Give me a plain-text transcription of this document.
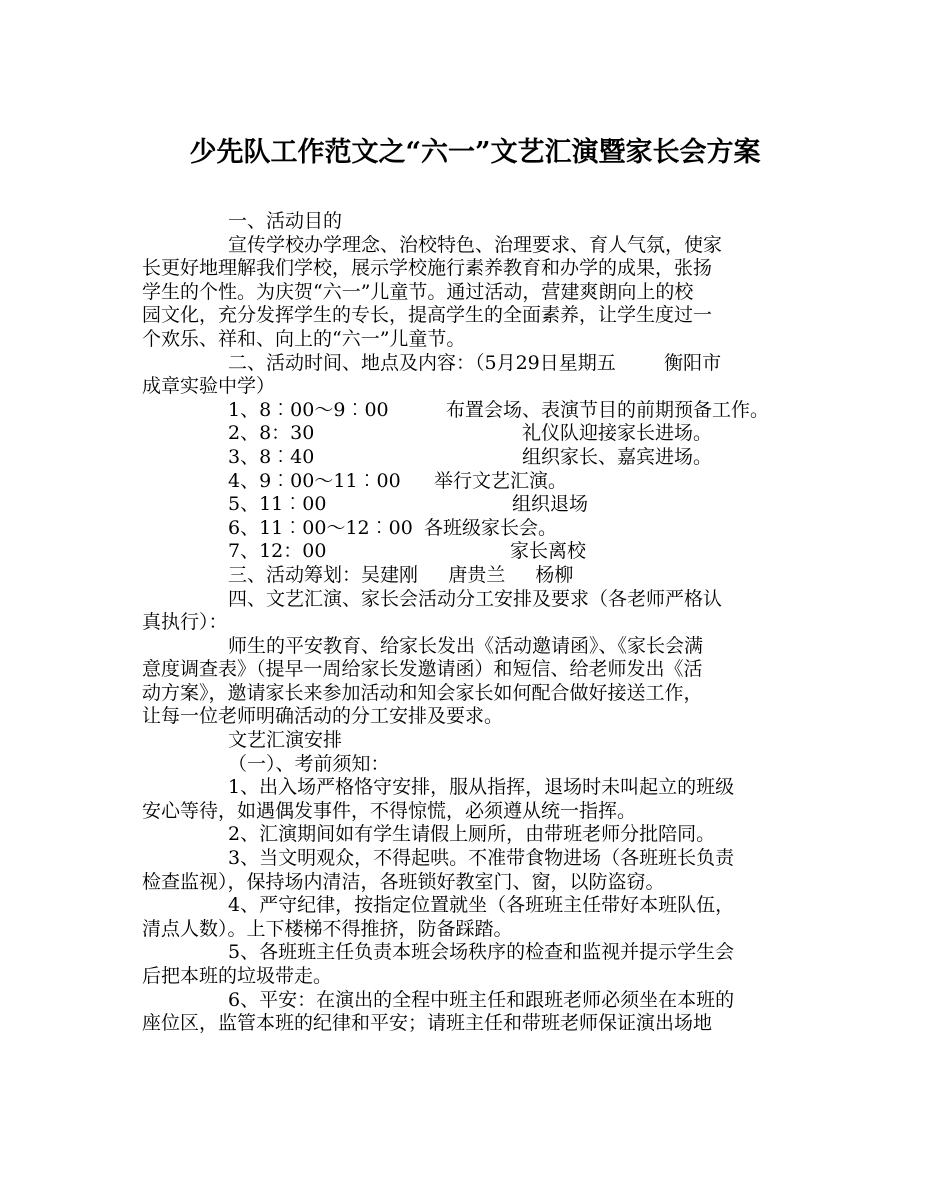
少先队工作范文之“六一”文艺汇演暨家长会方案

一、活动目的

宣传学校办学理念、治校特色、治理要求、育人气氛，使家

长更好地理解我们学校，展示学校施行素养教育和办学的成果，张扬

学生的个性。为庆贺“六一”儿童节。通过活动，营建爽朗向上的校

园文化，充分发挥学生的专长，提高学生的全面素养，让学生度过一

个欢乐、祥和、向上的“六一”儿童节。

二、活动时间、地点及内容：（5月29日星期五        衡阳市

成章实验中学）

1、8︰00～9︰00	布置会场、表演节目的前期预备工作。
2、8：30	礼仪队迎接家长进场。
3、8︰40	组织家长、嘉宾进场。
4、9︰00～11︰00	举行文艺汇演。
5、11︰00	组织退场
6、11︰00～12︰00 各班级家长会。
7、12：00	家长离校

三、活动筹划：吴建刚     唐贵兰     杨柳

四、文艺汇演、家长会活动分工安排及要求（各老师严格认

真执行）：

师生的平安教育、给家长发出《活动邀请函》、《家长会满

意度调查表》（提早一周给家长发邀请函）和短信、给老师发出《活

动方案》，邀请家长来参加活动和知会家长如何配合做好接送工作，

让每一位老师明确活动的分工安排及要求。

文艺汇演安排

（一）、考前须知：

1、出入场严格恪守安排，服从指挥，退场时未叫起立的班级

安心等待，如遇偶发事件，不得惊慌，必须遵从统一指挥。

2、汇演期间如有学生请假上厕所，由带班老师分批陪同。

3、当文明观众，不得起哄。不准带食物进场（各班班长负责

检查监视），保持场内清洁，各班锁好教室门、窗，以防盗窃。

4、严守纪律，按指定位置就坐（各班班主任带好本班队伍，

清点人数）。上下楼梯不得推挤，防备踩踏。

5、各班班主任负责本班会场秩序的检查和监视并提示学生会

后把本班的垃圾带走。

6、平安：在演出的全程中班主任和跟班老师必须坐在本班的

座位区，监管本班的纪律和平安；请班主任和带班老师保证演出场地
